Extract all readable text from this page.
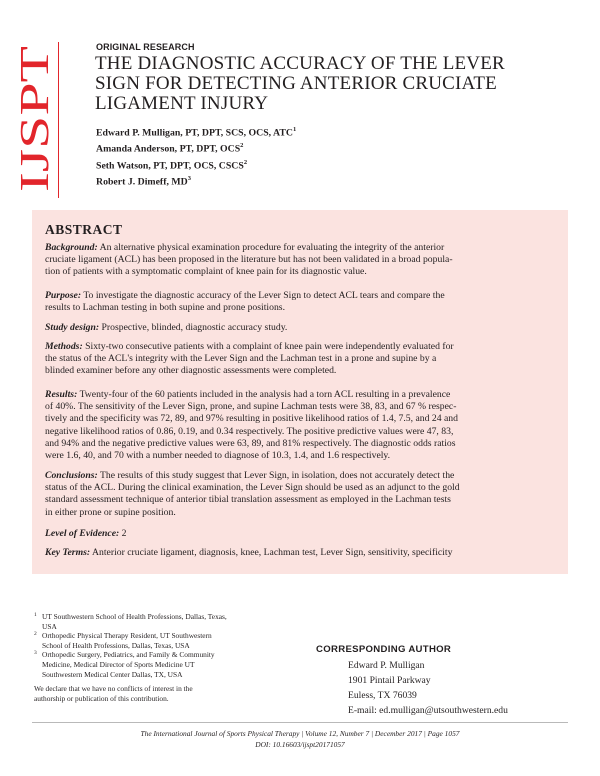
IJSPT
ORIGINAL RESEARCH
THE DIAGNOSTIC ACCURACY OF THE LEVER
SIGN FOR DETECTING ANTERIOR CRUCIATE
LIGAMENT INJURY
Edward P. Mulligan, PT, DPT, SCS, OCS, ATC$^1$
Amanda Anderson, PT, DPT, OCS$^2$
Seth Watson, PT, DPT, OCS, CSCS$^2$
Robert J. Dimeff, $MD^3$
ABSTRACT
Background: An alternative physical examination procedure for evaluating the integrity of the anterior
cruciate ligament (ACL) has been proposed in the literature but has not been validated in a broad popula-
tion of patients with a symptomatic complaint of knee pain for its diagnostic value.
Purpose: To investigate the diagnostic accuracy of the Lever Sign to detect ACL tears and compare the
results to Lachman testing in both supine and prone positions.
Study design: Prospective, blinded, diagnostic accuracy study.
Methods: Sixty-two consecutive patients with a complaint of knee pain were independently evaluated for
the status of the ACL's integrity with the Lever Sign and the Lachman test in a prone and supine by a
blinded examiner before any other diagnostic assessments were completed.
Results: Twenty-four of the 60 patients included in the analysis had a torn ACL resulting in a prevalence
of 40%. The sensitivity of the Lever Sign, prone, and supine Lachman tests were 38, 83, and 67 % respec-
tively and the specificity was 72, 89, and 97% resulting in positive likelihood ratios of 1.4, 7.5, and 24 and
negative likelihood ratios of 0.86, 0.19, and 0.34 respectively. The positive predictive values were 47, 83,
and 94% and the negative predictive values were 63, 89, and 81% respectively. The diagnostic odds ratios
were 1.6, 40, and 70 with a number needed to diagnose of 10.3, 1.4, and 1.6 respectively.
Conclusions: The results of this study suggest that Lever Sign, in isolation, does not accurately detect the
status of the ACL. During the clinical examination, the Lever Sign should be used as an adjunct to the gold
standard assessment technique of anterior tibial translation assessment as employed in the Lachman tests
in either prone or supine position.
Level of Evidence: 2
Key Terms: Anterior cruciate ligament, diagnosis, knee, Lachman test, Lever Sign, sensitivity, specificity
1 UT Southwestern School of Health Professions, Dallas, Texas,
USA
2 Orthopedic Physical Therapy Resident, UT Southwestern
School of Health Professions, Dallas, Texas, USA
3 Orthopedic Surgery, Pediatrics, and Family & Community
Medicine, Medical Director of Sports Medicine UT
Southwestern Medical Center Dallas, TX, USA
We declare that we have no conflicts of interest in the
authorship or publication of this contribution.
CORRESPONDING AUTHOR
Edward P. Mulligan
1901 Pintail Parkway
Euless, TX 76039
E-mail: ed.mulligan@utsouthwestern.edu
The International Journal of Sports Physical Therapy | Volume 12, Number 7 | December 2017 | Page 1057
DOI: 10.16603/ijspt20171057
